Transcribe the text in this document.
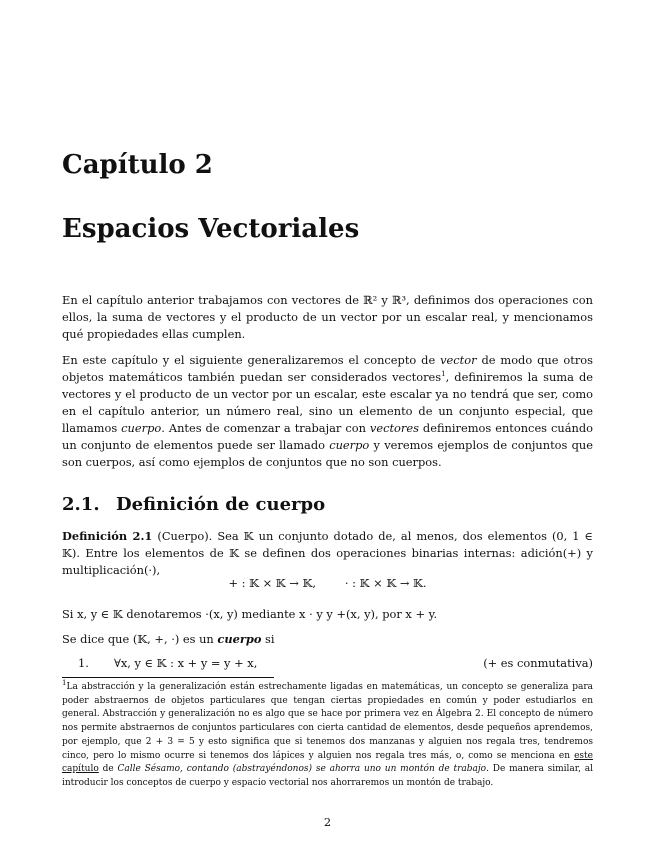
Capítulo 2
Espacios Vectoriales

En el capítulo anterior trabajamos con vectores de ℝ² y ℝ³, definimos dos operaciones con ellos, la suma de vectores y el producto de un vector por un escalar real, y mencionamos qué propiedades ellas cumplen.

En este capítulo y el siguiente generalizaremos el concepto de vector de modo que otros objetos matemáticos también puedan ser considerados vectores$^1$, definiremos la suma de vectores y el producto de un vector por un escalar, este escalar ya no tendrá que ser, como en el capítulo anterior, un número real, sino un elemento de un conjunto especial, que llamamos cuerpo. Antes de comenzar a trabajar con vectores definiremos entonces cuándo un conjunto de elementos puede ser llamado cuerpo y veremos ejemplos de conjuntos que son cuerpos, así como ejemplos de conjuntos que no son cuerpos.

2.1. Definición de cuerpo

Definición 2.1 (Cuerpo). Sea 𝕂 un conjunto dotado de, al menos, dos elementos (0, 1 ∈ 𝕂). Entre los elementos de 𝕂 se definen dos operaciones binarias internas: adición(+) y multiplicación(·),

+ : 𝕂 × 𝕂 → 𝕂,        · : 𝕂 × 𝕂 → 𝕂.

Si x, y ∈ 𝕂 denotaremos ·(x, y) mediante x · y y +(x, y), por x + y.

Se dice que (𝕂, +, ·) es un cuerpo si

1. ∀x, y ∈ 𝕂 : x + y = y + x,	(+ es conmutativa)

$^1$La abstracción y la generalización están estrechamente ligadas en matemáticas, un concepto se generaliza para poder abstraernos de objetos particulares que tengan ciertas propiedades en común y poder estudiarlos en general. Abstracción y generalización no es algo que se hace por primera vez en Álgebra 2. El concepto de número nos permite abstraernos de conjuntos particulares con cierta cantidad de elementos, desde pequeños aprendemos, por ejemplo, que 2 + 3 = 5 y esto significa que si tenemos dos manzanas y alguien nos regala tres, tendremos cinco, pero lo mismo ocurre si tenemos dos lápices y alguien nos regala tres más, o, como se menciona en este capítulo de Calle Sésamo, contando (abstrayéndonos) se ahorra uno un montón de trabajo. De manera similar, al introducir los conceptos de cuerpo y espacio vectorial nos ahorraremos un montón de trabajo.

2
